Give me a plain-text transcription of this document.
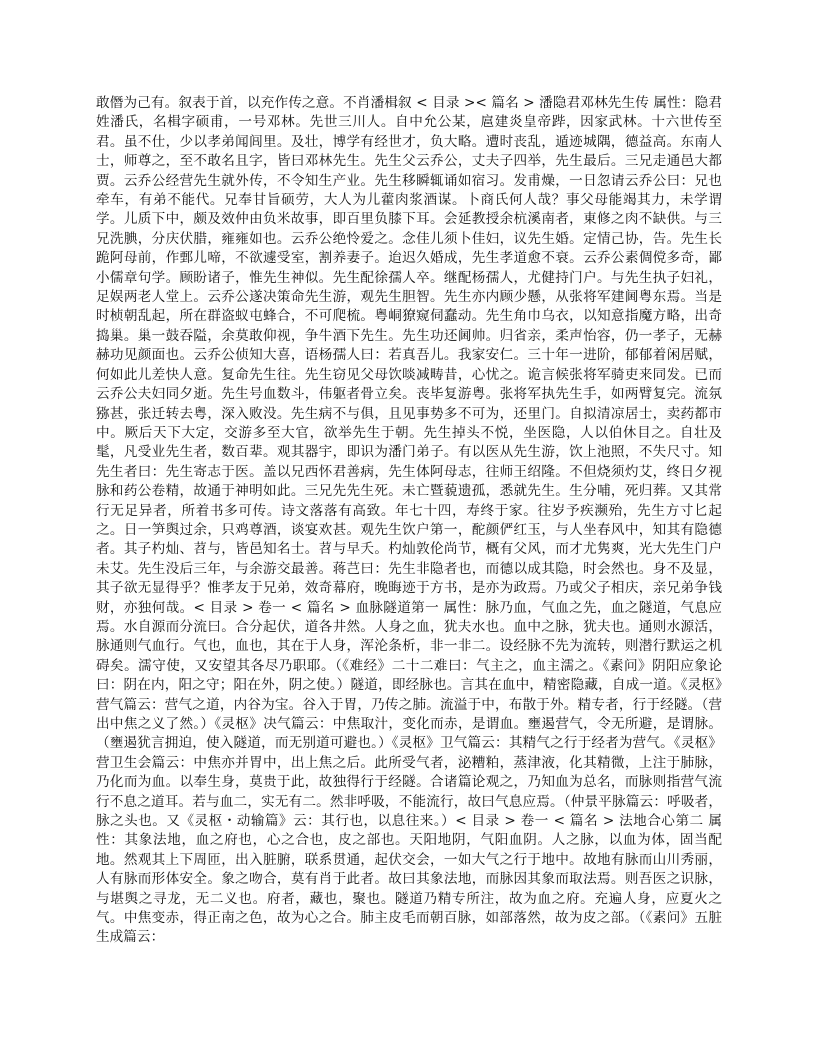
敢僭为己有。叙表于首，以充作传之意。不肖潘楫叙 < 目录 >< 篇名 > 潘隐君邓林先生传 属性：隐君姓潘氏，名楫字硕甫，一号邓林。先世三川人。自中允公某，扈建炎皇帝跸，因家武林。十六世传至君。虽不仕，少以孝弟闻闾里。及壮，博学有经世才，负大略。遭时丧乱，遁迹城隅，德益高。东南人士，师尊之，至不敢名且字，皆曰邓林先生。先生父云乔公，丈夫子四举，先生最后。三兄走通邑大都贾。云乔公经营先生就外传，不令知生产业。先生移瞬辄诵如宿习。发甫燥，一日忽请云乔公曰：兄也牵车，有弟不能代。兄奉甘旨硕劳，大人为儿藿肉浆酒谋。卜商氏何人哉？事父母能竭其力，未学谓学。儿质下中，颇及效仲由负米故事，即百里负膝下耳。会延教授余杭溪南者，東修之肉不缺供。与三兄洗腆，分庆伏腊，雍雍如也。云乔公绝怜爱之。念佳儿须卜佳妇，议先生婚。定情己协，告。先生长跪阿母前，作鄄儿啼，不欲遽受室，割养妻子。迨迟久婚成，先生孝道愈不衰。云乔公素倜傥多奇，鄙小儒章句学。顾盼诸子，惟先生神似。先生配徐孺人卒。继配杨孺人，尤健持门户。与先生执子妇礼，足娱两老人堂上。云乔公遂决策命先生游，观先生胆智。先生亦内顾少懸，从张将军建阃粤东焉。当是时桢朝乱起，所在群盗蚁屯蜂合，不可爬梳。粤峒獠窥伺蠢动。先生角巾乌衣，以知意指魔方略，出奇捣巢。巢一鼓吞隘，余莫敢仰视，争牛酒下先生。先生功还阃帅。归省亲，柔声怡容，仍一孝子，无赫赫功见颜面也。云乔公侦知大喜，语杨孺人曰：若真吾儿。我家安仁。三十年一进阶，郁郁着闲居赋，何如此儿差快人意。复命先生往。先生窃见父母饮啖减畴昔，心忧之。诡言候张将军骑吏来同发。已而云乔公夫妇同夕逝。先生号血数斗，伟躯者骨立矣。丧毕复游粤。张将军执先生手，如两臂复完。流氛猕甚，张迁转去粤，深入败没。先生病不与俱，且见事势多不可为，还里门。自拟清凉居士，卖药都市中。厥后天下大定，交游多至大官，欲举先生于朝。先生掉头不悦，坐医隐，人以伯休目之。自壮及髦，凡受业先生者，数百辈。观其器宇，即识为潘门弟子。有以医从先生游，饮上池照，不失尺寸。知先生者曰：先生寄志于医。盖以兄西怀君善病，先生体阿母志，往师王绍隆。不但烧须灼艾，终日夕视脉和药公卷精，故通于神明如此。三兄先先生死。未亡暨藐遗孤，悉就先生。生分哺，死归葬。又其常行无足异者，所着书多可传。诗文落落有高致。年七十四，寿终于家。往岁予疾濒殆，先生方寸匕起之。日一笋舆过余，只鸡尊酒，谈宴欢甚。观先生饮户第一，酡颜俨红玉，与人坐春风中，知其有隐德者。其子杓灿、苕与，皆邑知名士。苕与早夭。杓灿敦伦尚节，概有父风，而才尤隽爽，光大先生门户未艾。先生没后三年，与余游交最善。蒋芑曰：先生非隐者也，而德以成其隐，时会然也。身不及显，其子欲无显得乎？惟孝友于兄弟，效奇幕府，晚晦迹于方书，是亦为政焉。乃或父子相庆，亲兄弟争钱财，亦独何哉。< 目录 > 卷一 < 篇名 > 血脉隧道第一 属性：脉乃血，气血之先，血之隧道，气息应焉。水自源而分流曰。合分起伏，道各井然。人身之血，犹夫水也。血中之脉，犹夫也。通则水源活，脉通则气血行。气也，血也，其在于人身，浑沦条析，非一非二。设经脉不先为流转，则潜行默运之机碍矣。濡守使，又安望其各尽乃职耶。（《难经》二十二难曰：气主之，血主濡之。《素问》阴阳应象论曰：阴在内，阳之守；阳在外，阴之使。）隧道，即经脉也。言其在血中，精密隐藏，自成一道。《灵枢》营气篇云：营气之道，内谷为宝。谷入于胃，乃传之肺。流溢于中，布散于外。精专者，行于经隧。（营出中焦之义了然。）《灵枢》决气篇云：中焦取汁，变化而赤，是谓血。壅遏营气，令无所避，是谓脉。（壅遏犹言拥迫，使入隧道，而无别道可避也。）《灵枢》卫气篇云：其精气之行于经者为营气。《灵枢》营卫生会篇云：中焦亦并胃中，出上焦之后。此所受气者，泌糟粕，蒸津液，化其精微，上注于肺脉，乃化而为血。以奉生身，莫贵于此，故独得行于经隧。合诸篇论观之，乃知血为总名，而脉则指营气流行不息之道耳。若与血二，实无有二。然非呼吸，不能流行，故曰气息应焉。（仲景平脉篇云：呼吸者，脉之头也。又《灵枢・动输篇》云：其行也，以息往来。）< 目录 > 卷一 < 篇名 > 法地合心第二 属性：其象法地，血之府也，心之合也，皮之部也。天阳地阴，气阳血阴。人之脉，以血为体，固当配地。然观其上下周匝，出入脏腑，联系贯通，起伏交会，一如大气之行于地中。故地有脉而山川秀丽，人有脉而形体安全。象之吻合，莫有肖于此者。故曰其象法地，而脉因其象而取法焉。则吾医之识脉，与堪舆之寻龙，无二义也。府者，藏也，聚也。隧道乃精专所注，故为血之府。充遍人身，应夏火之气。中焦变赤，得正南之色，故为心之合。肺主皮毛而朝百脉，如部落然，故为皮之部。（《素问》五脏生成篇云：
